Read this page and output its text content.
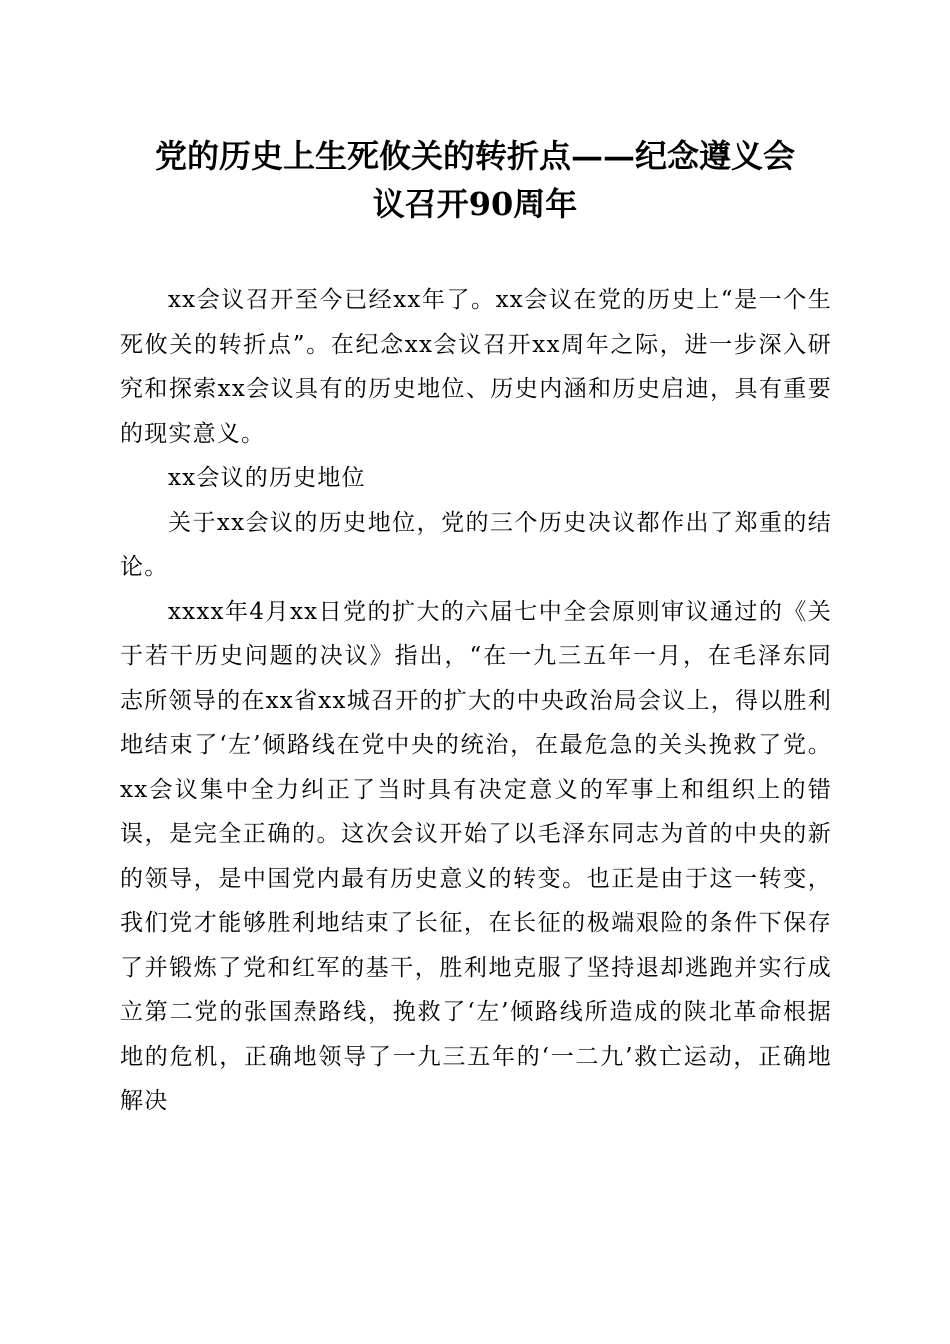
党的历史上生死攸关的转折点——纪念遵义会
议召开90周年

xx会议召开至今已经xx年了。xx会议在党的历史上“是一个生死攸关的转折点”。在纪念xx会议召开xx周年之际，进一步深入研究和探索xx会议具有的历史地位、历史内涵和历史启迪，具有重要的现实意义。

xx会议的历史地位

关于xx会议的历史地位，党的三个历史决议都作出了郑重的结论。

xxxx年4月xx日党的扩大的六届七中全会原则审议通过的《关于若干历史问题的决议》指出，“在一九三五年一月，在毛泽东同志所领导的在xx省xx城召开的扩大的中央政治局会议上，得以胜利地结束了‘左’倾路线在党中央的统治，在最危急的关头挽救了党。xx会议集中全力纠正了当时具有决定意义的军事上和组织上的错误，是完全正确的。这次会议开始了以毛泽东同志为首的中央的新的领导，是中国党内最有历史意义的转变。也正是由于这一转变，我们党才能够胜利地结束了长征，在长征的极端艰险的条件下保存了并锻炼了党和红军的基干，胜利地克服了坚持退却逃跑并实行成立第二党的张国焘路线，挽救了‘左’倾路线所造成的陕北革命根据地的危机，正确地领导了一九三五年的‘一二九’救亡运动，正确地解决
